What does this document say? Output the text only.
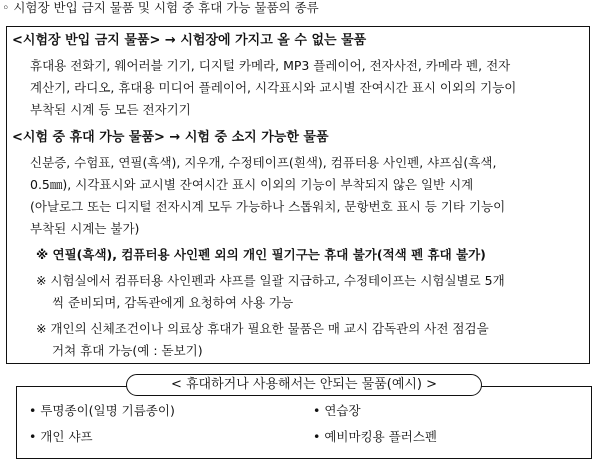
◦ 시험장 반입 금지 물품 및 시험 중 휴대 가능 물품의 종류
<시험장 반입 금지 물품> → 시험장에 가지고 올 수 없는 물품
휴대용 전화기, 웨어러블 기기, 디지털 카메라, MP3 플레이어, 전자사전, 카메라 펜, 전자
계산기, 라디오, 휴대용 미디어 플레이어, 시각표시와 교시별 잔여시간 표시 이외의 기능이
부착된 시계 등 모든 전자기기
<시험 중 휴대 가능 물품> → 시험 중 소지 가능한 물품
신분증, 수험표, 연필(흑색), 지우개, 수정테이프(흰색), 컴퓨터용 사인펜, 샤프심(흑색,
0.5㎜), 시각표시와 교시별 잔여시간 표시 이외의 기능이 부착되지 않은 일반 시계
(아날로그 또는 디지털 전자시계 모두 가능하나 스톱워치, 문항번호 표시 등 기타 기능이
부착된 시계는 불가)
※ 연필(흑색), 컴퓨터용 사인펜 외의 개인 필기구는 휴대 불가(적색 펜 휴대 불가)
※ 시험실에서 컴퓨터용 사인펜과 샤프를 일괄 지급하고, 수정테이프는 시험실별로 5개
씩 준비되며, 감독관에게 요청하여 사용 가능
※ 개인의 신체조건이나 의료상 휴대가 필요한 물품은 매 교시 감독관의 사전 점검을
거쳐 휴대 가능(예 : 돋보기)
< 휴대하거나 사용해서는 안되는 물품(예시) >
• 투명종이(일명 기름종이)	• 연습장
• 개인 샤프	• 예비마킹용 플러스펜
